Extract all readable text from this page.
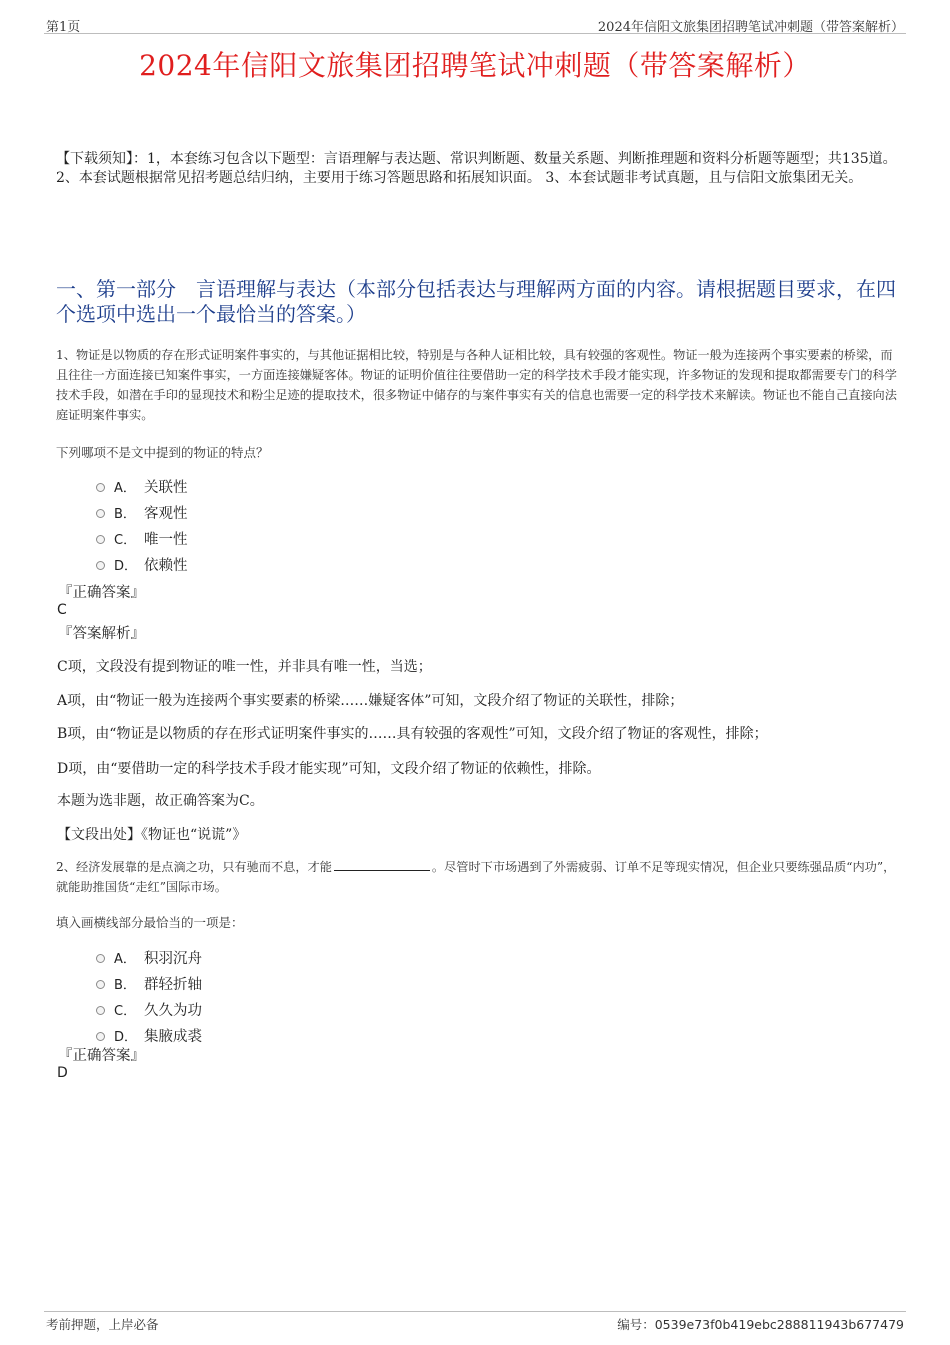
第1页	2024年信阳文旅集团招聘笔试冲刺题（带答案解析）
2024年信阳文旅集团招聘笔试冲刺题（带答案解析）
【下载须知】：1，本套练习包含以下题型：言语理解与表达题、常识判断题、数量关系题、判断推理题和资料分析题等题型；共135道。 2、本套试题根据常见招考题总结归纳，主要用于练习答题思路和拓展知识面。 3、本套试题非考试真题，且与信阳文旅集团无关。
一、第一部分　言语理解与表达（本部分包括表达与理解两方面的内容。请根据题目要求，在四个选项中选出一个最恰当的答案。）
1、物证是以物质的存在形式证明案件事实的，与其他证据相比较，特别是与各种人证相比较，具有较强的客观性。物证一般为连接两个事实要素的桥梁，而且往往一方面连接已知案件事实，一方面连接嫌疑客体。物证的证明价值往往要借助一定的科学技术手段才能实现，许多物证的发现和提取都需要专门的科学技术手段，如潜在手印的显现技术和粉尘足迹的提取技术，很多物证中储存的与案件事实有关的信息也需要一定的科学技术来解读。物证也不能自己直接向法庭证明案件事实。
下列哪项不是文中提到的物证的特点？
A． 关联性
B． 客观性
C． 唯一性
D． 依赖性
『正确答案』
C
『答案解析』
C项，文段没有提到物证的唯一性，并非具有唯一性，当选；
A项，由“物证一般为连接两个事实要素的桥梁……嫌疑客体”可知，文段介绍了物证的关联性，排除；
B项，由“物证是以物质的存在形式证明案件事实的……具有较强的客观性”可知，文段介绍了物证的客观性，排除；
D项，由“要借助一定的科学技术手段才能实现”可知，文段介绍了物证的依赖性，排除。
本题为选非题，故正确答案为C。
【文段出处】《物证也“说谎”》
2、经济发展靠的是点滴之功，只有驰而不息，才能	。尽管时下市场遇到了外需疲弱、订单不足等现实情况，但企业只要练强品质“内功”，就能助推国货“走红”国际市场。
填入画横线部分最恰当的一项是：
A． 积羽沉舟
B． 群轻折轴
C． 久久为功
D． 集腋成裘
『正确答案』
D
考前押题，上岸必备	编号：0539e73f0b419ebc288811943b677479
